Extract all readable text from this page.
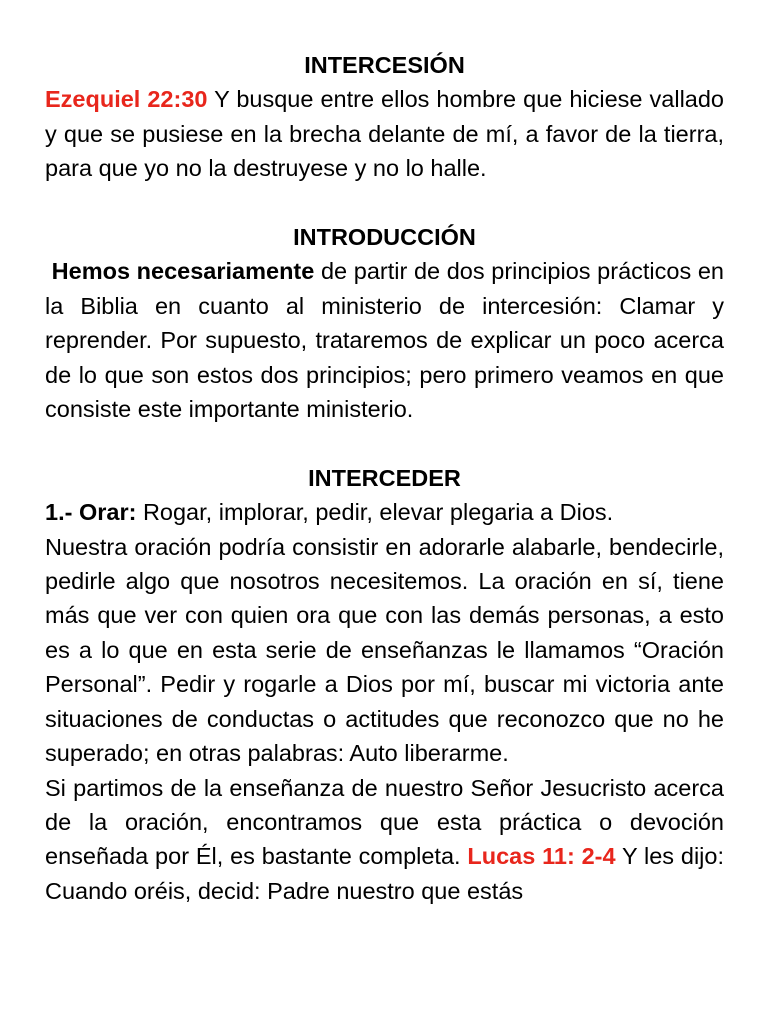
INTERCESIÓN

Ezequiel 22:30 Y busque entre ellos hombre que hiciese vallado y que se pusiese en la brecha delante de mí, a favor de la tierra, para que yo no la destruyese y no lo halle.

INTRODUCCIÓN

Hemos necesariamente de partir de dos principios prácticos en la Biblia en cuanto al ministerio de intercesión: Clamar y reprender. Por supuesto, trataremos de explicar un poco acerca de lo que son estos dos principios; pero primero veamos en que consiste este importante ministerio.

INTERCEDER

1.- Orar: Rogar, implorar, pedir, elevar plegaria a Dios.

Nuestra oración podría consistir en adorarle alabarle, bendecirle, pedirle algo que nosotros necesitemos. La oración en sí, tiene más que ver con quien ora que con las demás personas, a esto es a lo que en esta serie de enseñanzas le llamamos “Oración Personal”. Pedir y rogarle a Dios por mí, buscar mi victoria ante situaciones de conductas o actitudes que reconozco que no he superado; en otras palabras: Auto liberarme.

Si partimos de la enseñanza de nuestro Señor Jesucristo acerca de la oración, encontramos que esta práctica o devoción enseñada por Él, es bastante completa. Lucas 11: 2-4 Y les dijo: Cuando oréis, decid: Padre nuestro que estás
